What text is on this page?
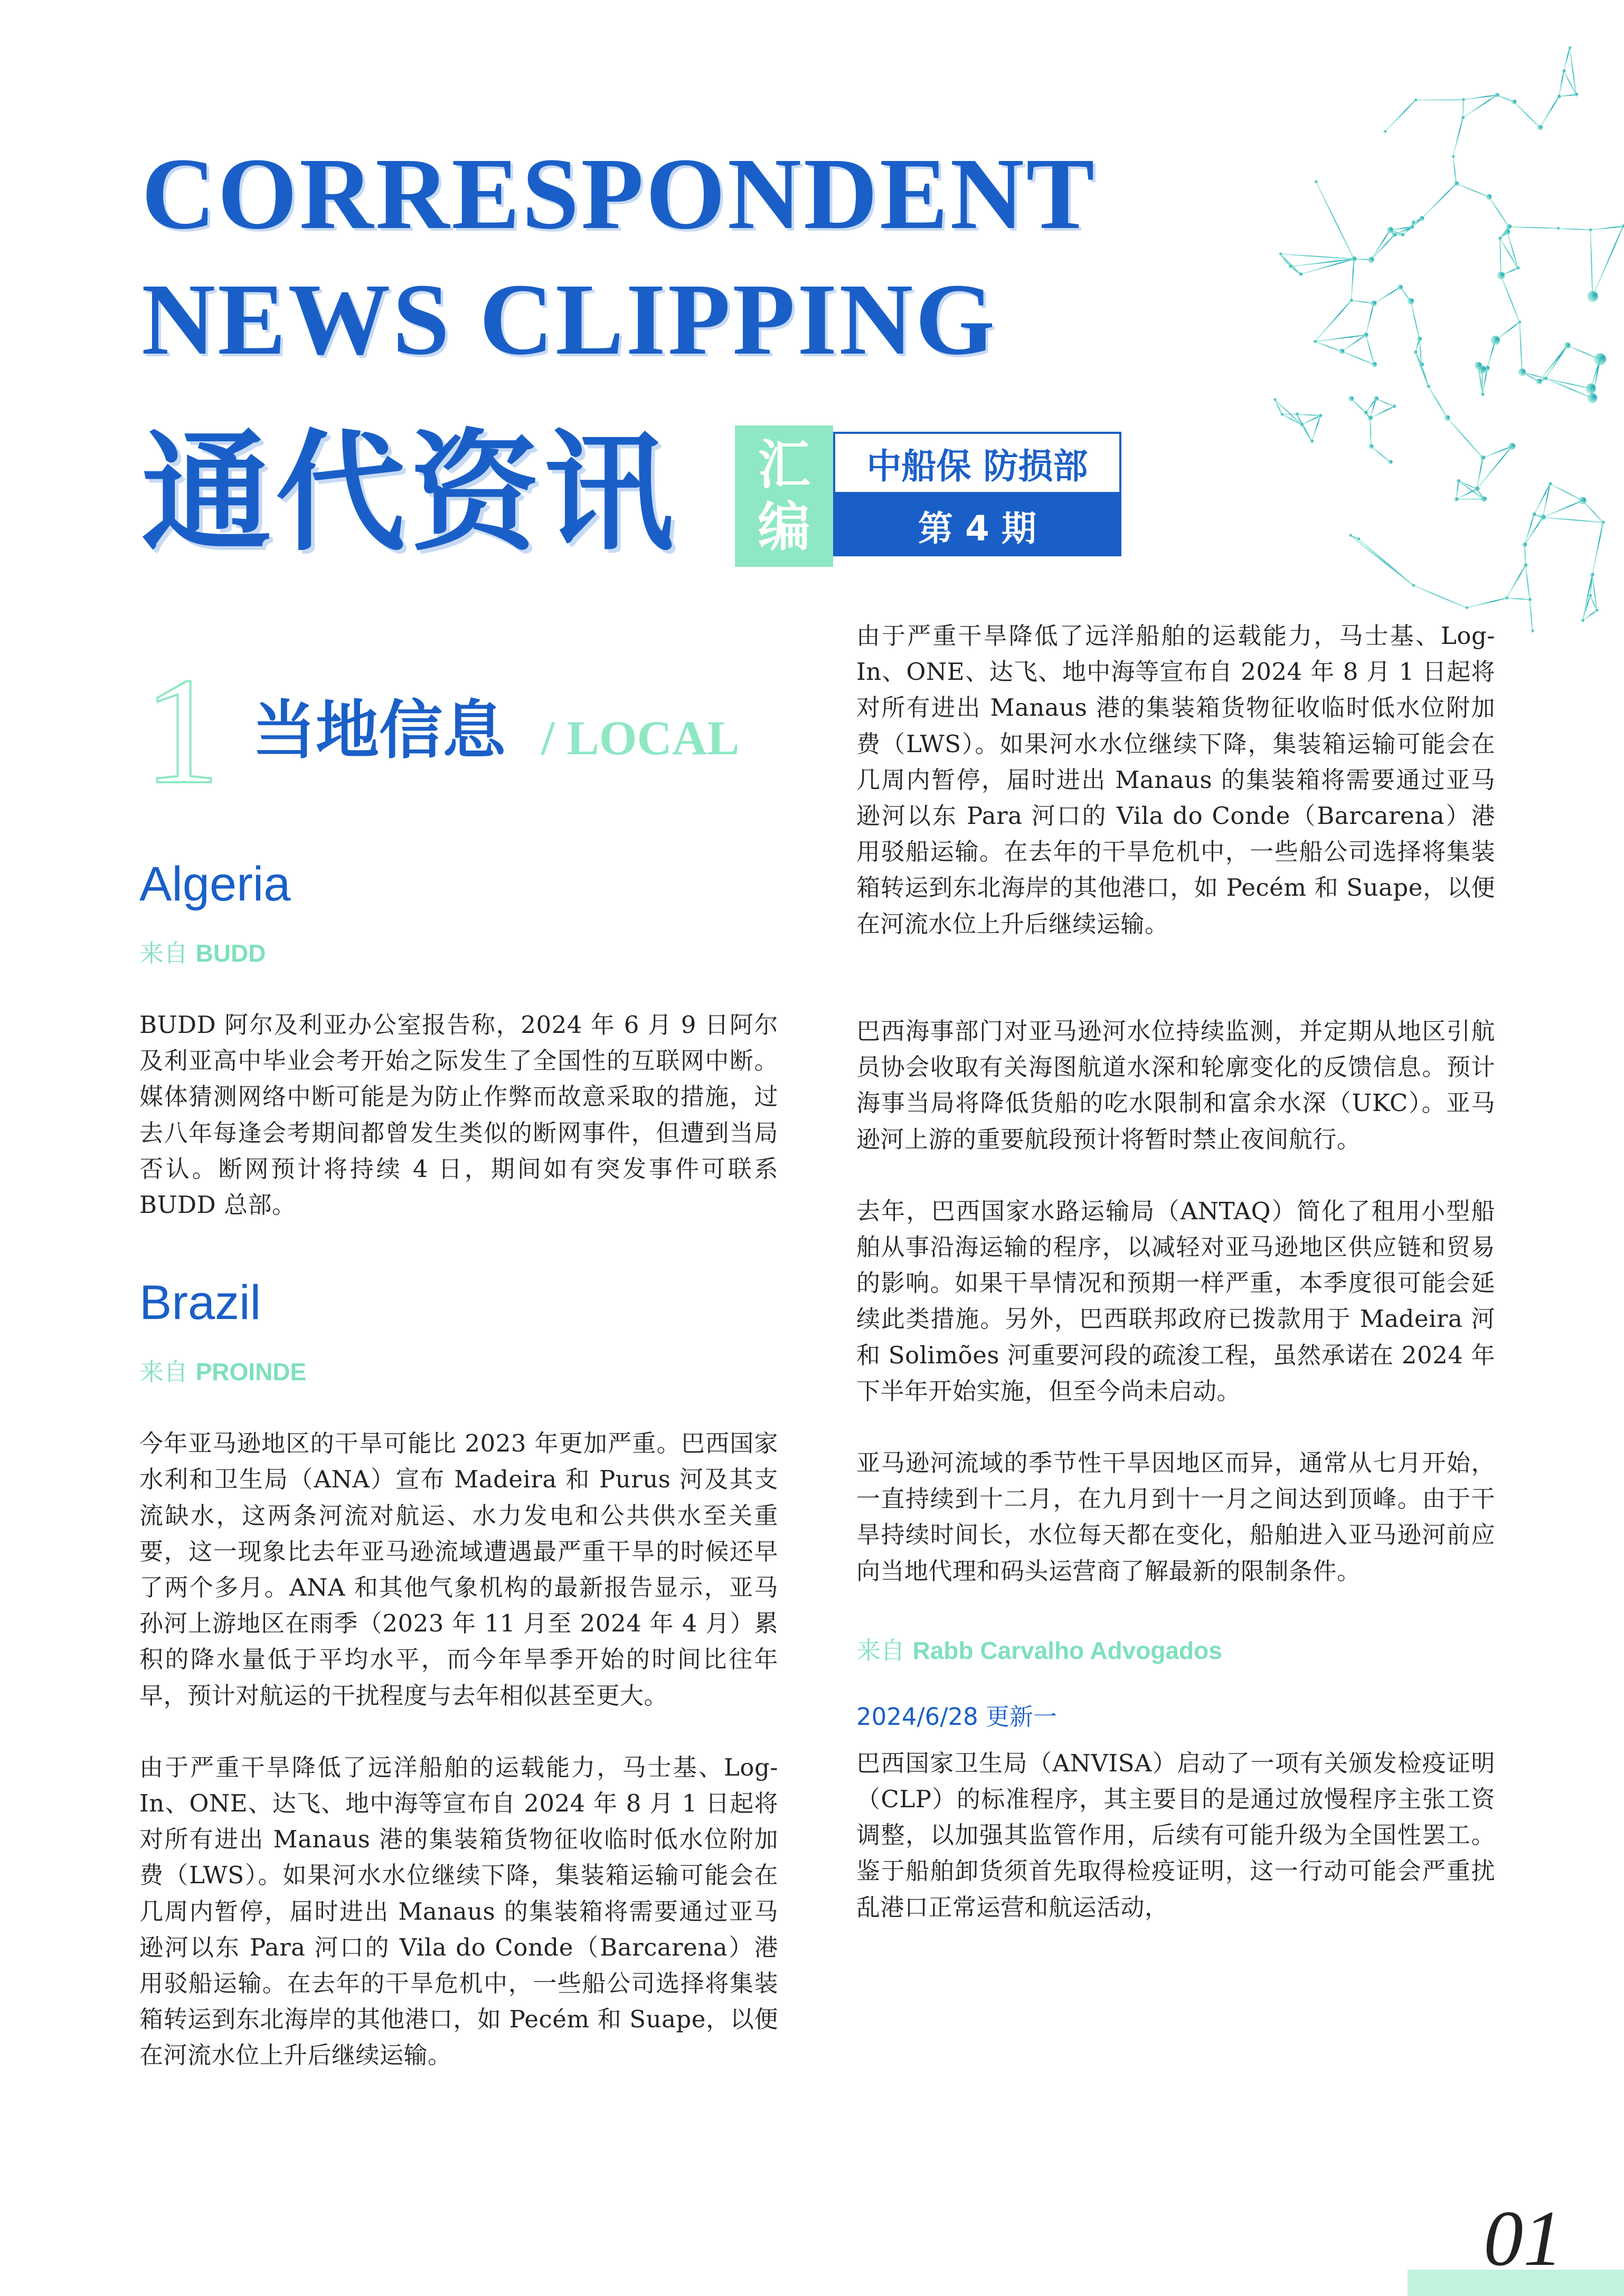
CORRESPONDENT
NEWS CLIPPING
通代资讯 汇
编
中船保 防损部
第 4 期
1 当地信息 / LOCAL
Algeria
来自 BUDD

BUDD 阿尔及利亚办公室报告称，2024 年 6 月 9 日阿尔及利亚高中毕业会考开始之际发生了全国性的互联网中断。媒体猜测网络中断可能是为防止作弊而故意采取的措施，过去八年每逢会考期间都曾发生类似的断网事件，但遭到当局否认。断网预计将持续 4 日，期间如有突发事件可联系 BUDD 总部。

Brazil
来自 PROINDE

今年亚马逊地区的干旱可能比 2023 年更加严重。巴西国家水利和卫生局（ANA）宣布 Madeira 和 Purus 河及其支流缺水，这两条河流对航运、水力发电和公共供水至关重要，这一现象比去年亚马逊流域遭遇最严重干旱的时候还早了两个多月。ANA 和其他气象机构的最新报告显示，亚马孙河上游地区在雨季（2023 年 11 月至 2024 年 4 月）累积的降水量低于平均水平，而今年旱季开始的时间比往年早，预计对航运的干扰程度与去年相似甚至更大。

由于严重干旱降低了远洋船舶的运载能力，马士基、Log-In、ONE、达飞、地中海等宣布自 2024 年 8 月 1 日起将对所有进出 Manaus 港的集装箱货物征收临时低水位附加费（LWS）。如果河水水位继续下降，集装箱运输可能会在几周内暂停，届时进出 Manaus 的集装箱将需要通过亚马逊河以东 Para 河口的 Vila do Conde（Barcarena）港用驳船运输。在去年的干旱危机中，一些船公司选择将集装箱转运到东北海岸的其他港口，如 Pecém 和 Suape，以便在河流水位上升后继续运输。

由于严重干旱降低了远洋船舶的运载能力，马士基、Log-In、ONE、达飞、地中海等宣布自 2024 年 8 月 1 日起将对所有进出 Manaus 港的集装箱货物征收临时低水位附加费（LWS）。如果河水水位继续下降，集装箱运输可能会在几周内暂停，届时进出 Manaus 的集装箱将需要通过亚马逊河以东 Para 河口的 Vila do Conde（Barcarena）港用驳船运输。在去年的干旱危机中，一些船公司选择将集装箱转运到东北海岸的其他港口，如 Pecém 和 Suape，以便在河流水位上升后继续运输。

巴西海事部门对亚马逊河水位持续监测，并定期从地区引航员协会收取有关海图航道水深和轮廓变化的反馈信息。预计海事当局将降低货船的吃水限制和富余水深（UKC）。亚马逊河上游的重要航段预计将暂时禁止夜间航行。

去年，巴西国家水路运输局（ANTAQ）简化了租用小型船舶从事沿海运输的程序，以减轻对亚马逊地区供应链和贸易的影响。如果干旱情况和预期一样严重，本季度很可能会延续此类措施。另外，巴西联邦政府已拨款用于 Madeira 河和 Solimões 河重要河段的疏浚工程，虽然承诺在 2024 年下半年开始实施，但至今尚未启动。

亚马逊河流域的季节性干旱因地区而异，通常从七月开始，一直持续到十二月，在九月到十一月之间达到顶峰。由于干旱持续时间长，水位每天都在变化，船舶进入亚马逊河前应向当地代理和码头运营商了解最新的限制条件。

来自 Rabb Carvalho Advogados
2024/6/28 更新一

巴西国家卫生局（ANVISA）启动了一项有关颁发检疫证明（CLP）的标准程序，其主要目的是通过放慢程序主张工资调整，以加强其监管作用，后续有可能升级为全国性罢工。鉴于船舶卸货须首先取得检疫证明，这一行动可能会严重扰乱港口正常运营和航运活动，

01
